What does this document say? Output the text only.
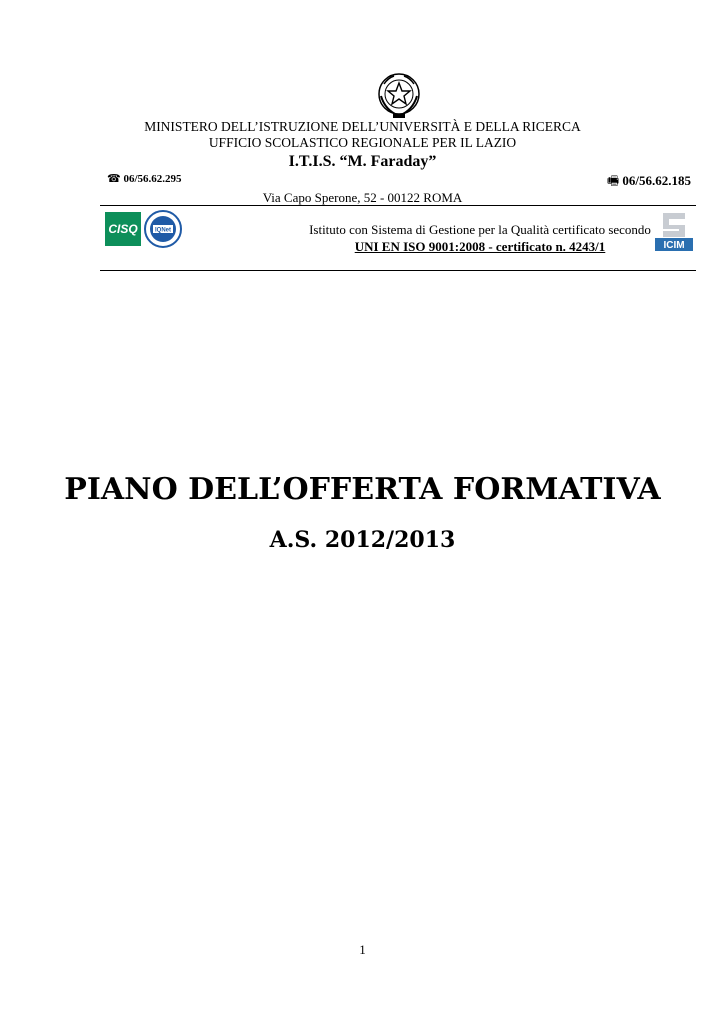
MINISTERO DELL’ISTRUZIONE DELL’UNIVERSITÀ E DELLA RICERCA
UFFICIO SCOLASTICO REGIONALE PER IL LAZIO
I.T.I.S. “M. Faraday”
☎ 06/56.62.295	🖷 06/56.62.185
Via Capo Sperone, 52 - 00122 ROMA
CISQ	IQNet
ICIM
Istituto con Sistema di Gestione per la Qualità certificato secondo
UNI EN ISO 9001:2008 - certificato n. 4243/1
PIANO DELL’OFFERTA FORMATIVA
A.S. 2012/2013
1
